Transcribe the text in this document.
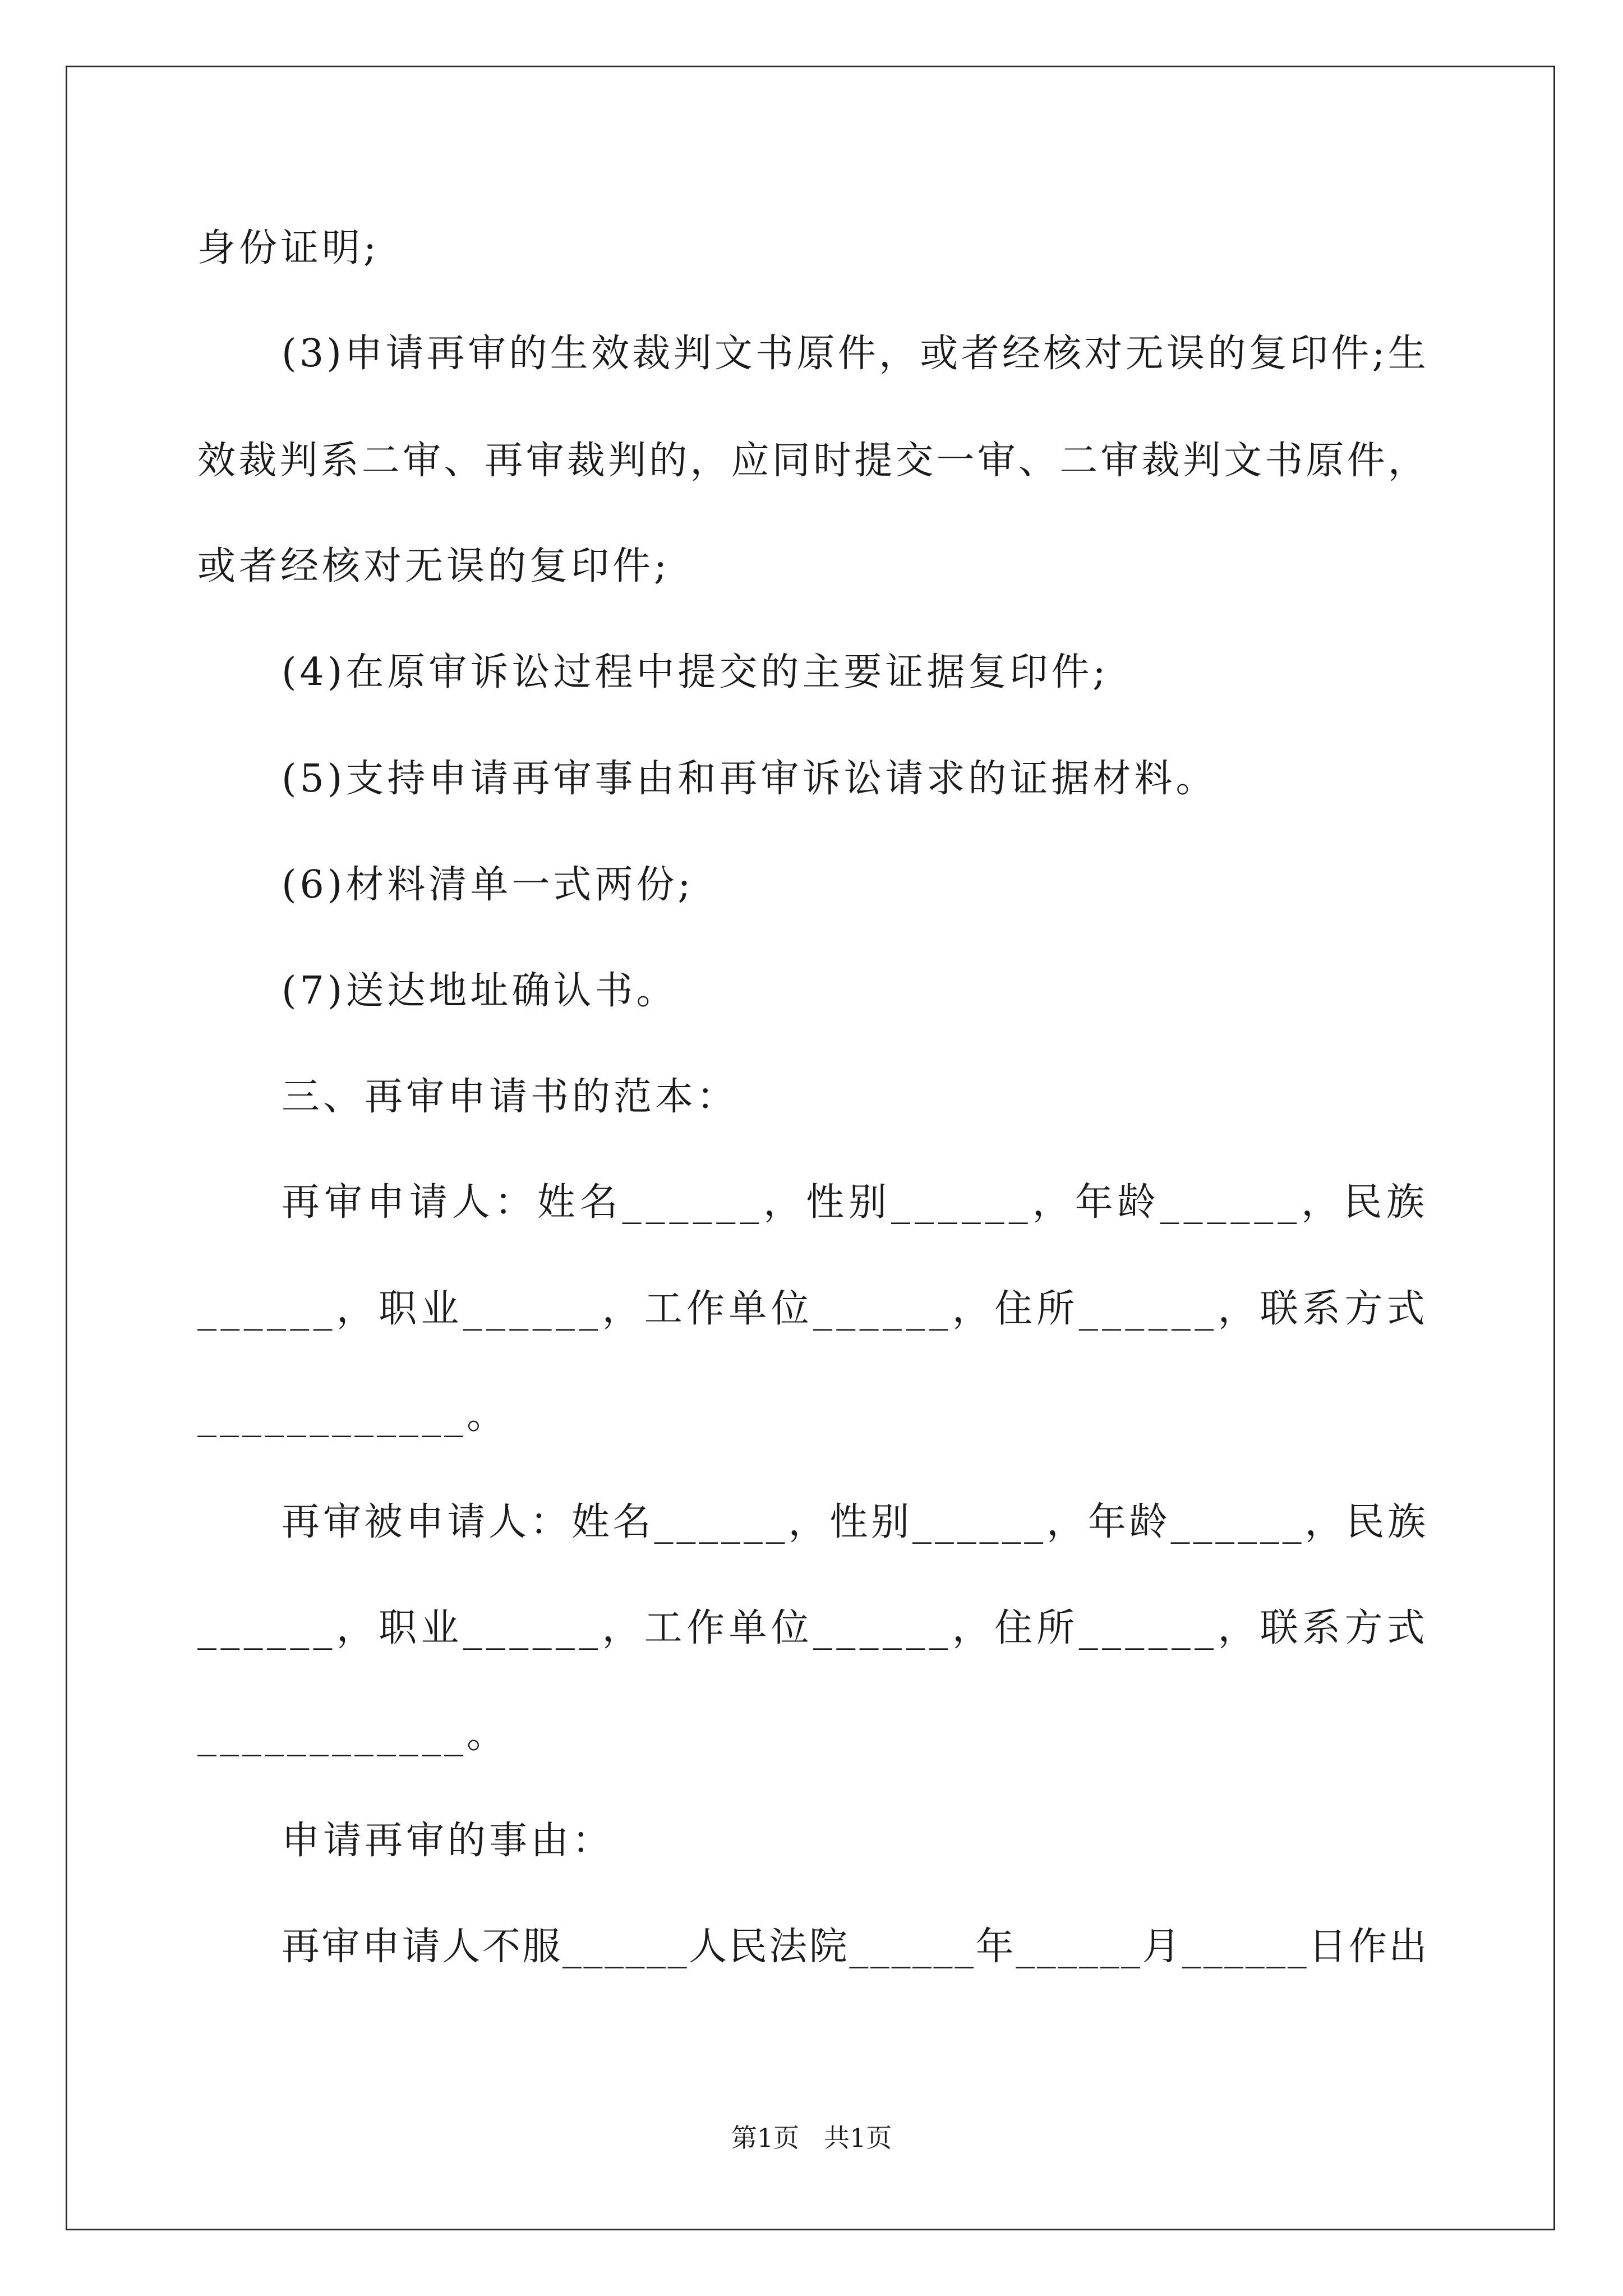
身份证明;
(3)申请再审的生效裁判文书原件，或者经核对无误的复印件;生
效裁判系二审、再审裁判的，应同时提交一审、二审裁判文书原件，
或者经核对无误的复印件;
(4)在原审诉讼过程中提交的主要证据复印件;
(5)支持申请再审事由和再审诉讼请求的证据材料。
(6)材料清单一式两份;
(7)送达地址确认书。
三、再审申请书的范本：
再审申请人：姓名______，性别______，年龄______，民族
______，职业______，工作单位______，住所______，联系方式
____________。
再审被申请人：姓名______，性别______，年龄______，民族
______，职业______，工作单位______，住所______，联系方式
____________。
申请再审的事由：
再审申请人不服______人民法院______年______月______日作出
第1页 共1页
